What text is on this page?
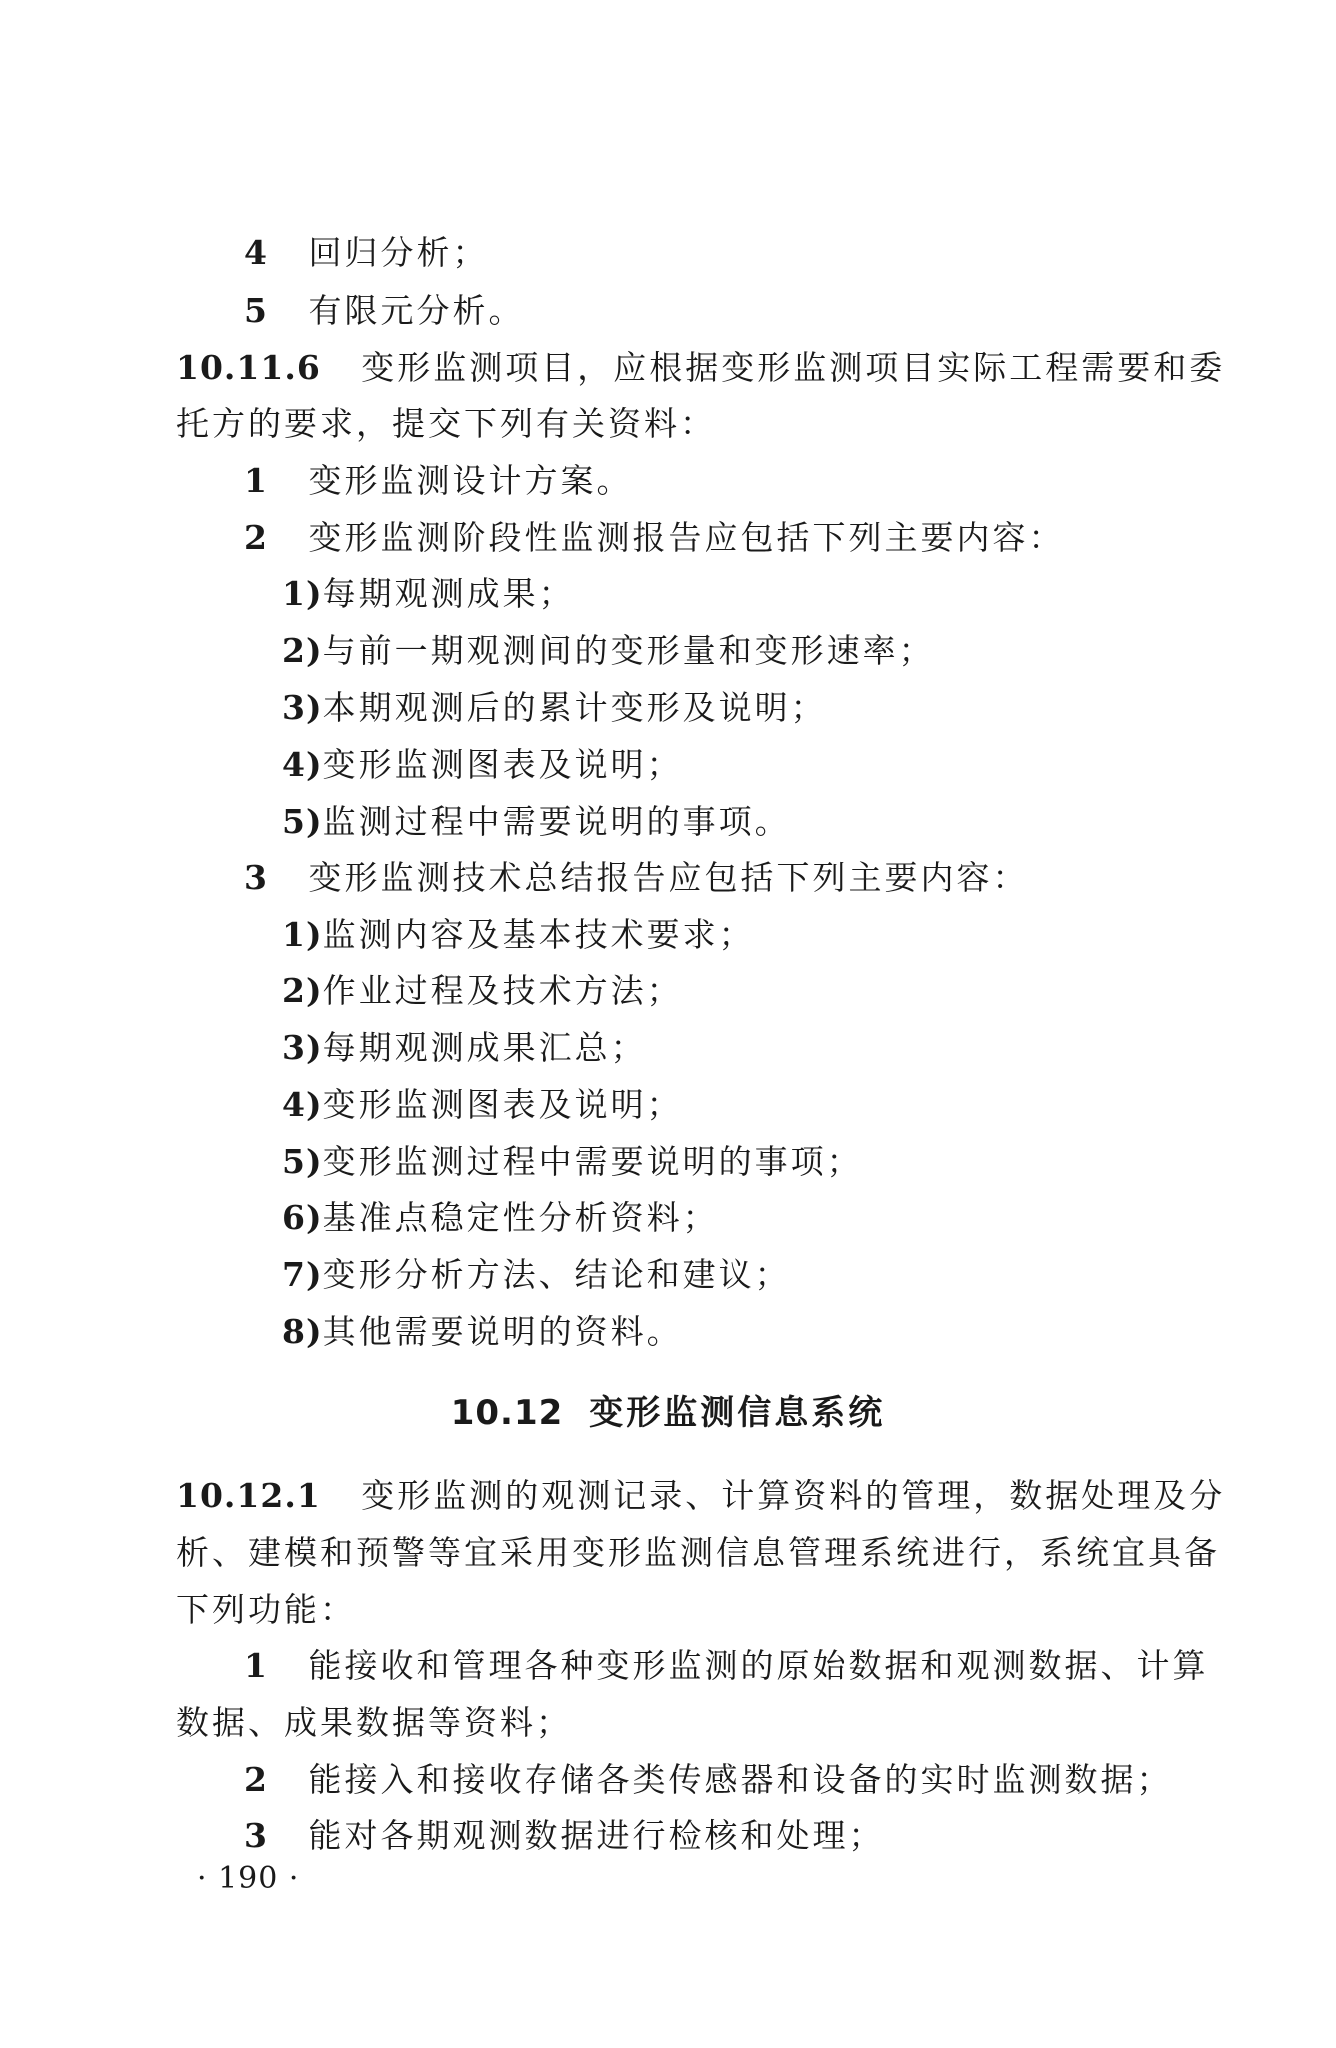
4 回归分析；
5 有限元分析。
10.11.6 变形监测项目，应根据变形监测项目实际工程需要和委
托方的要求，提交下列有关资料：
1 变形监测设计方案。
2 变形监测阶段性监测报告应包括下列主要内容：
1)每期观测成果；
2)与前一期观测间的变形量和变形速率；
3)本期观测后的累计变形及说明；
4)变形监测图表及说明；
5)监测过程中需要说明的事项。
3 变形监测技术总结报告应包括下列主要内容：
1)监测内容及基本技术要求；
2)作业过程及技术方法；
3)每期观测成果汇总；
4)变形监测图表及说明；
5)变形监测过程中需要说明的事项；
6)基准点稳定性分析资料；
7)变形分析方法、结论和建议；
8)其他需要说明的资料。
10.12 变形监测信息系统
10.12.1 变形监测的观测记录、计算资料的管理，数据处理及分
析、建模和预警等宜采用变形监测信息管理系统进行，系统宜具备
下列功能：
1 能接收和管理各种变形监测的原始数据和观测数据、计算
数据、成果数据等资料；
2 能接入和接收存储各类传感器和设备的实时监测数据；
3 能对各期观测数据进行检核和处理；
· 190 ·
